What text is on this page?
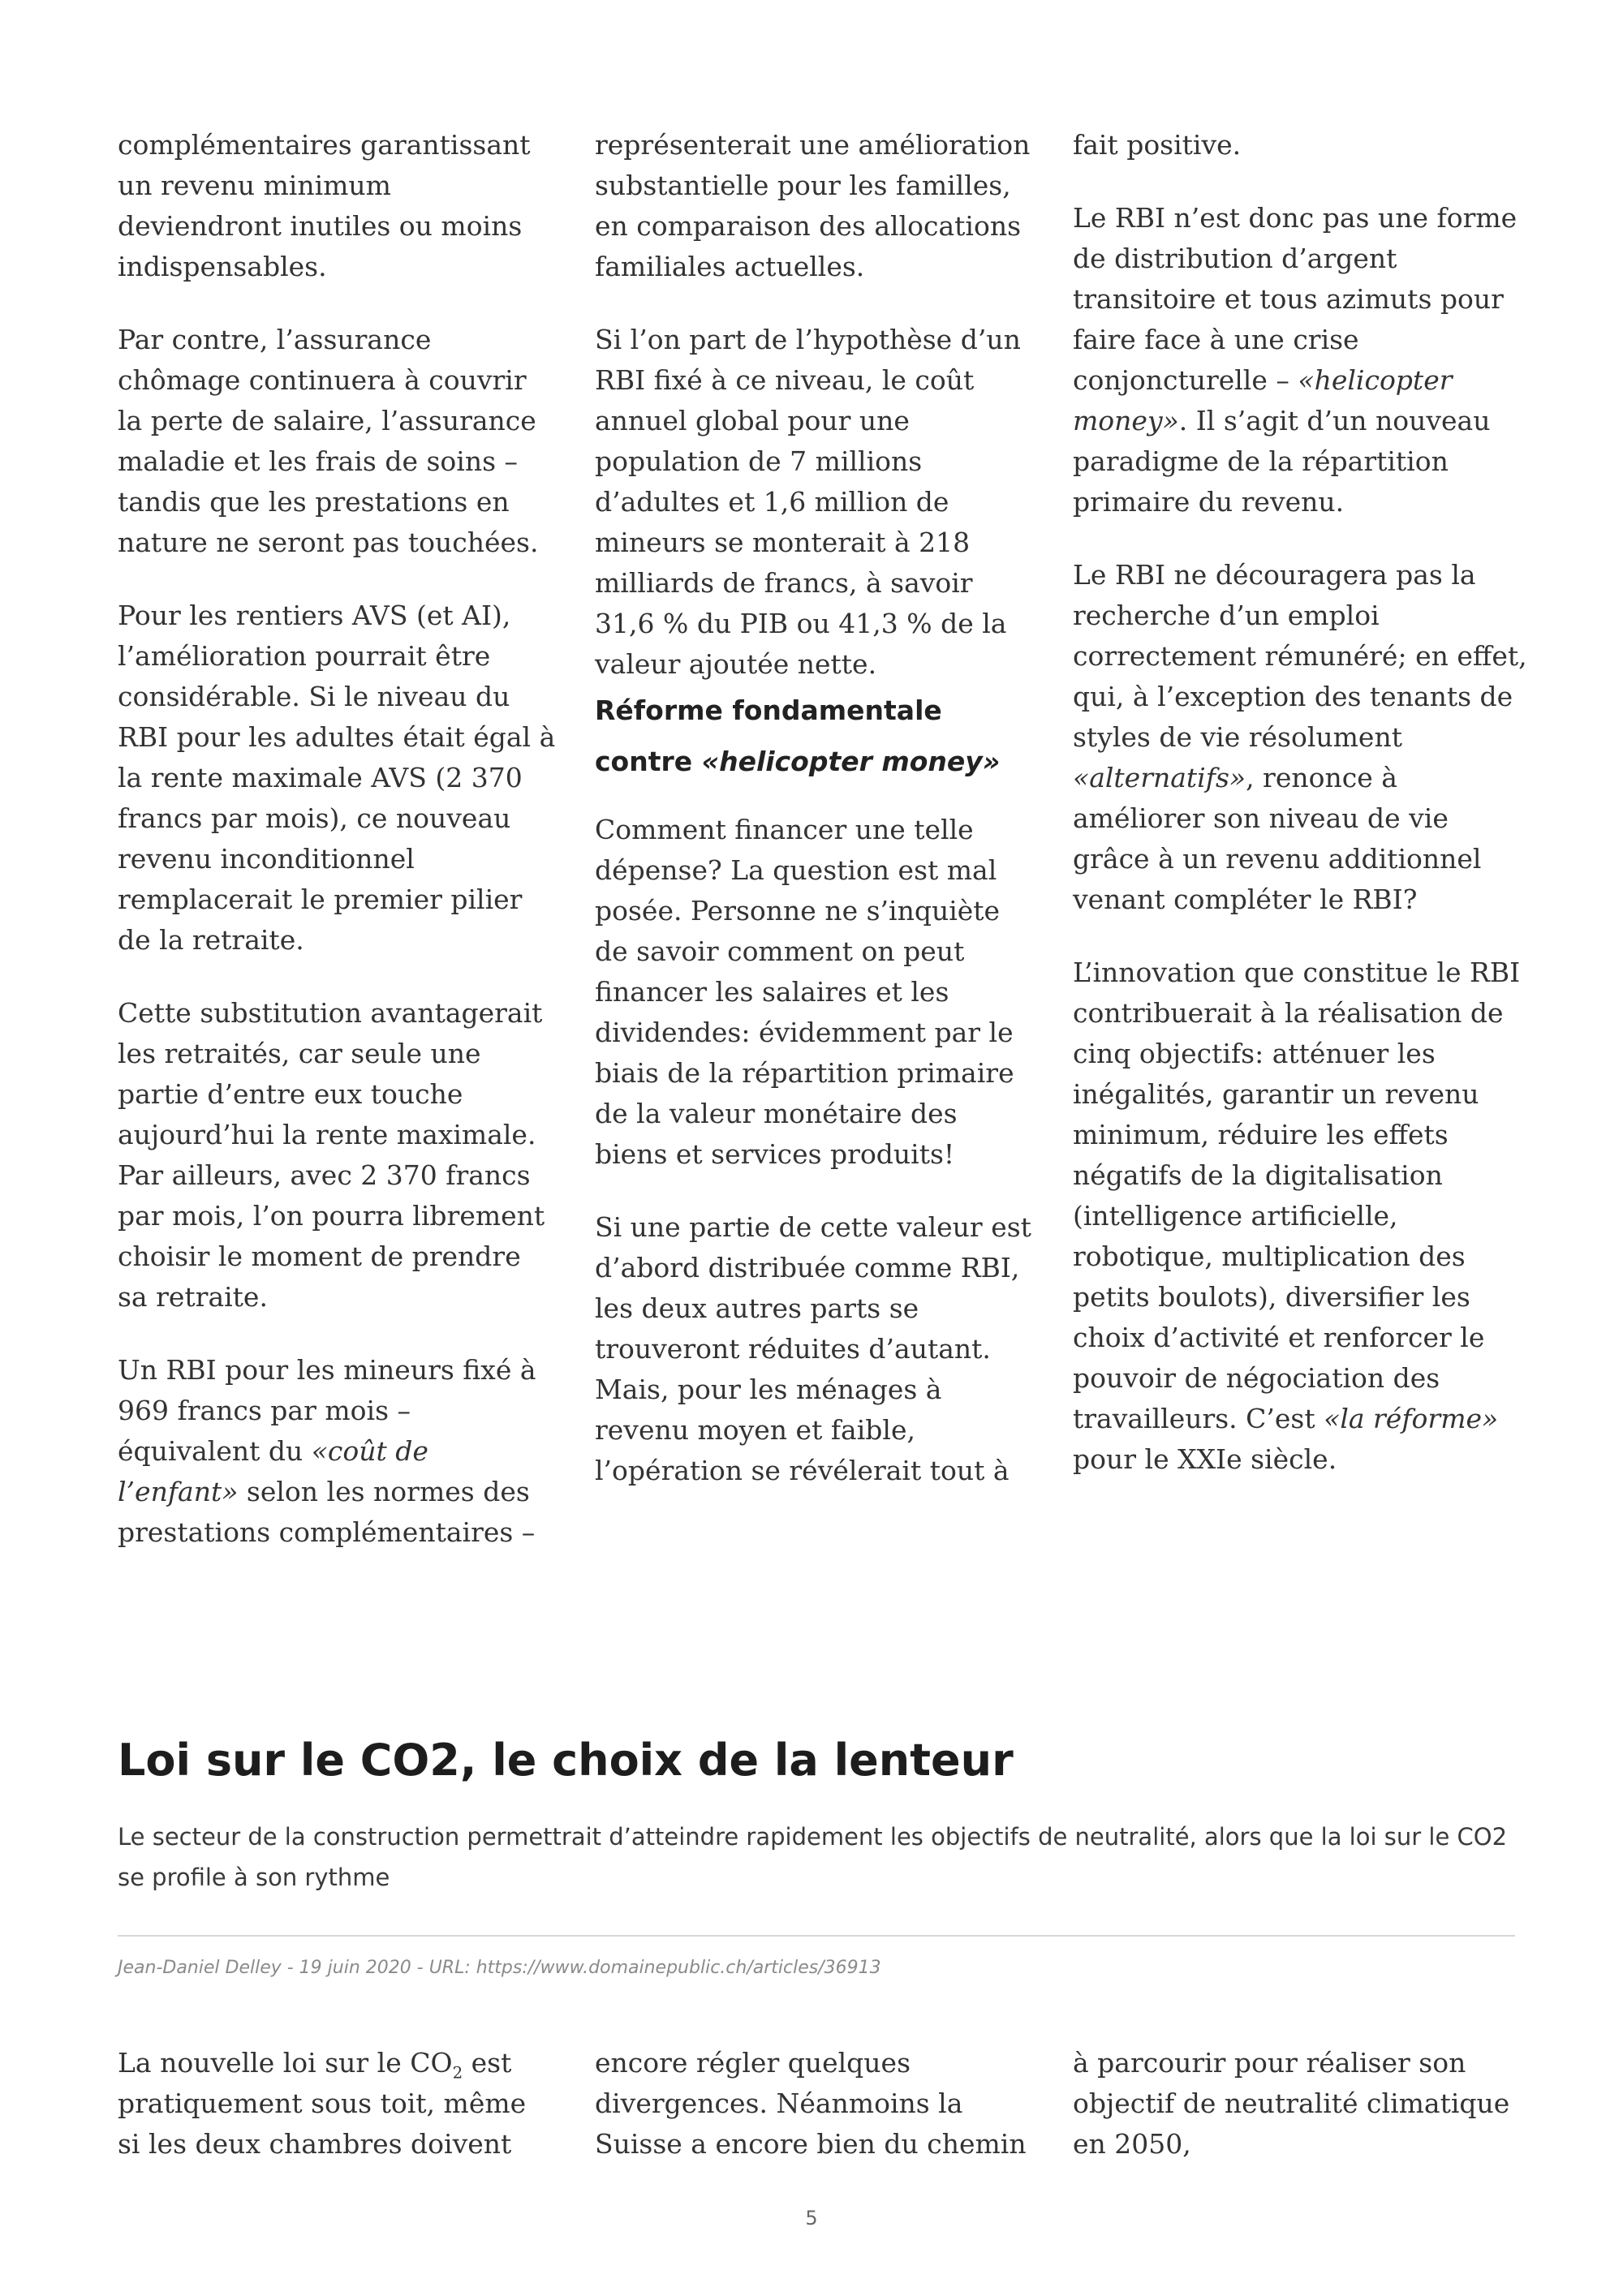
complémentaires garantissant un revenu minimum deviendront inutiles ou moins indispensables.

Par contre, l’assurance chômage continuera à couvrir la perte de salaire, l’assurance maladie et les frais de soins – tandis que les prestations en nature ne seront pas touchées.

Pour les rentiers AVS (et AI), l’amélioration pourrait être considérable. Si le niveau du RBI pour les adultes était égal à la rente maximale AVS (2 370 francs par mois), ce nouveau revenu inconditionnel remplacerait le premier pilier de la retraite.

Cette substitution avantagerait les retraités, car seule une partie d’entre eux touche aujourd’hui la rente maximale. Par ailleurs, avec 2 370 francs par mois, l’on pourra librement choisir le moment de prendre sa retraite.

Un RBI pour les mineurs fixé à 969 francs par mois – équivalent du «coût de l’enfant» selon les normes des prestations complémentaires –

représenterait une amélioration substantielle pour les familles, en comparaison des allocations familiales actuelles.

Si l’on part de l’hypothèse d’un RBI fixé à ce niveau, le coût annuel global pour une population de 7 millions d’adultes et 1,6 million de mineurs se monterait à 218 milliards de francs, à savoir 31,6 % du PIB ou 41,3 % de la valeur ajoutée nette.

Réforme fondamentale
contre «helicopter money»

Comment financer une telle dépense? La question est mal posée. Personne ne s’inquiète de savoir comment on peut financer les salaires et les dividendes: évidemment par le biais de la répartition primaire de la valeur monétaire des biens et services produits!

Si une partie de cette valeur est d’abord distribuée comme RBI, les deux autres parts se trouveront réduites d’autant. Mais, pour les ménages à revenu moyen et faible, l’opération se révélerait tout à

fait positive.

Le RBI n’est donc pas une forme de distribution d’argent transitoire et tous azimuts pour faire face à une crise conjoncturelle – «helicopter money». Il s’agit d’un nouveau paradigme de la répartition primaire du revenu.

Le RBI ne découragera pas la recherche d’un emploi correctement rémunéré; en effet, qui, à l’exception des tenants de styles de vie résolument «alternatifs», renonce à améliorer son niveau de vie grâce à un revenu additionnel venant compléter le RBI?

L’innovation que constitue le RBI contribuerait à la réalisation de cinq objectifs: atténuer les inégalités, garantir un revenu minimum, réduire les effets négatifs de la digitalisation (intelligence artificielle, robotique, multiplication des petits boulots), diversifier les choix d’activité et renforcer le pouvoir de négociation des travailleurs. C’est «la réforme» pour le XXIe siècle.

Loi sur le CO2, le choix de la lenteur

Le secteur de la construction permettrait d’atteindre rapidement les objectifs de neutralité, alors que la loi sur le CO2 se profile à son rythme

Jean-Daniel Delley - 19 juin 2020 - URL: https://www.domainepublic.ch/articles/36913

La nouvelle loi sur le $CO_2$ est pratiquement sous toit, même si les deux chambres doivent

encore régler quelques divergences. Néanmoins la Suisse a encore bien du chemin

à parcourir pour réaliser son objectif de neutralité climatique en 2050,

5
